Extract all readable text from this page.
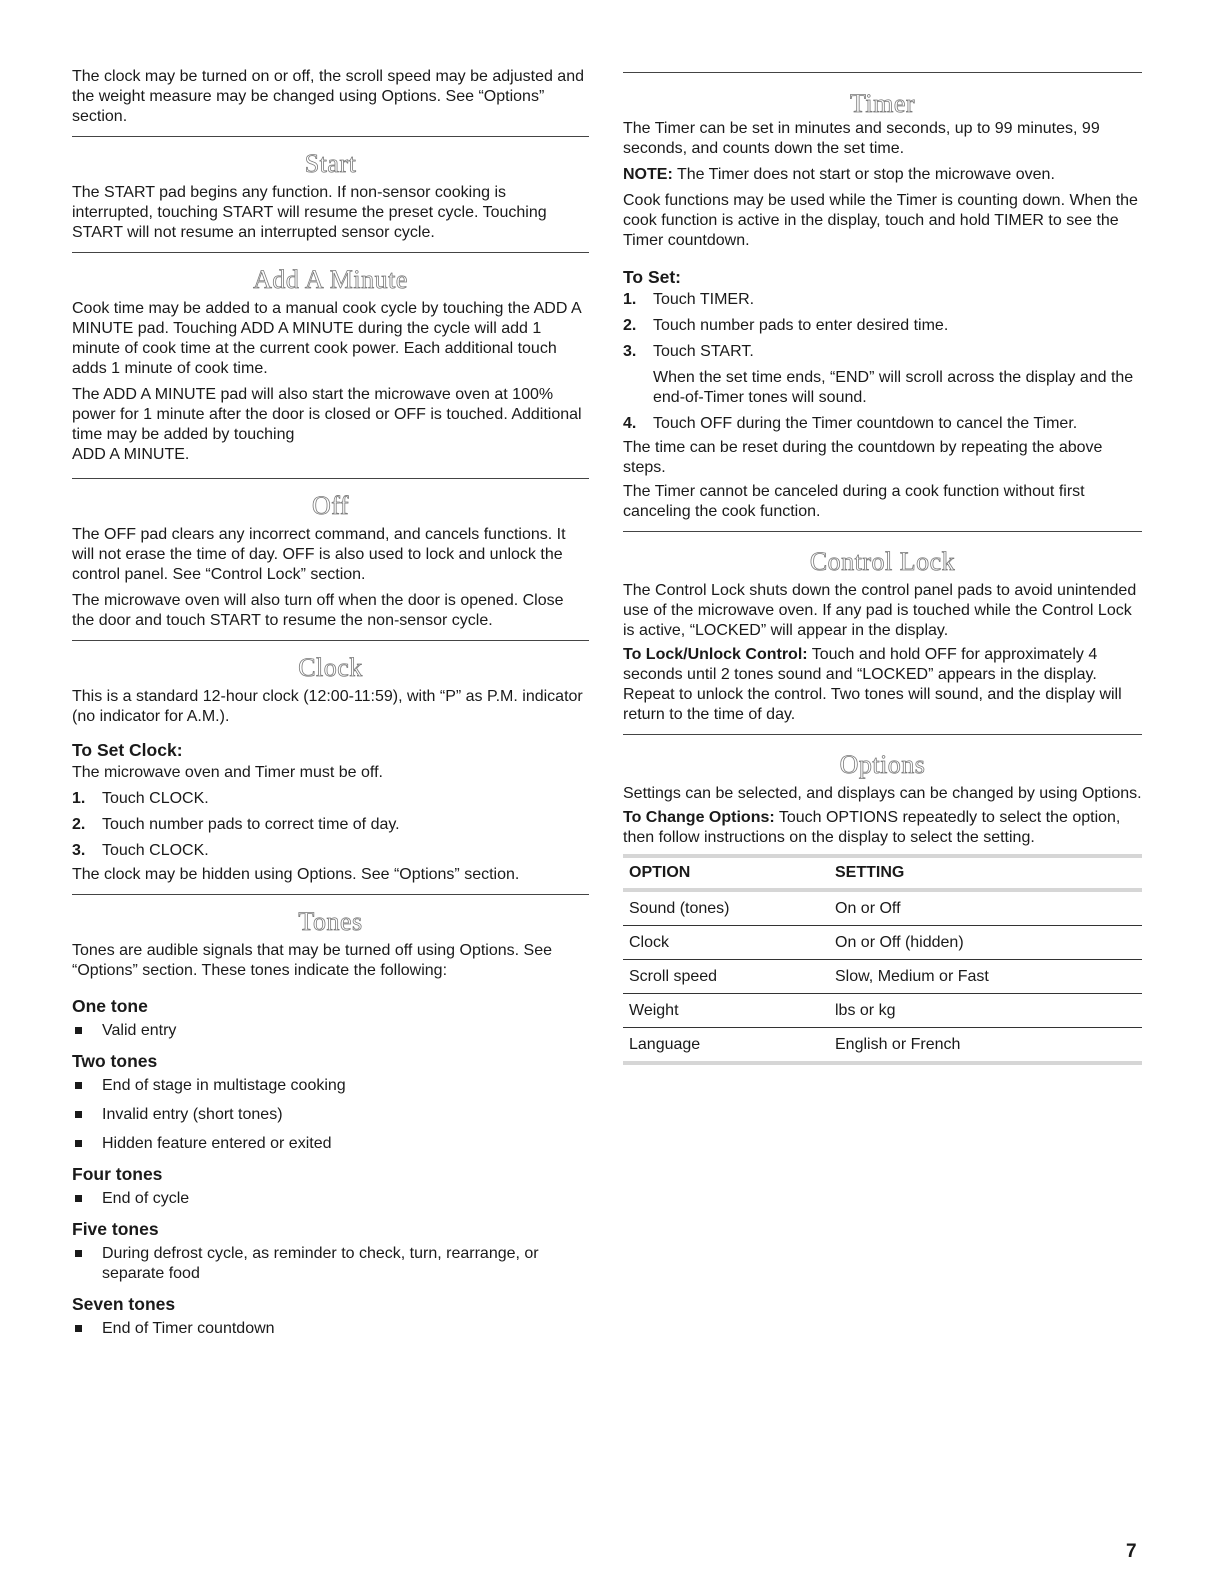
The clock may be turned on or off, the scroll speed may be adjusted and the weight measure may be changed using Options. See “Options” section.

Start

The START pad begins any function. If non-sensor cooking is interrupted, touching START will resume the preset cycle. Touching START will not resume an interrupted sensor cycle.

Add A Minute

Cook time may be added to a manual cook cycle by touching the ADD A MINUTE pad. Touching ADD A MINUTE during the cycle will add 1 minute of cook time at the current cook power. Each additional touch adds 1 minute of cook time.

The ADD A MINUTE pad will also start the microwave oven at 100% power for 1 minute after the door is closed or OFF is touched. Additional time may be added by touching
ADD A MINUTE.

Off

The OFF pad clears any incorrect command, and cancels functions. It will not erase the time of day. OFF is also used to lock and unlock the control panel. See “Control Lock” section.

The microwave oven will also turn off when the door is opened. Close the door and touch START to resume the non-sensor cycle.

Clock

This is a standard 12-hour clock (12:00-11:59), with “P” as P.M. indicator (no indicator for A.M.).

To Set Clock:

The microwave oven and Timer must be off.

1. Touch CLOCK.
2. Touch number pads to correct time of day.
3. Touch CLOCK.

The clock may be hidden using Options. See “Options” section.

Tones

Tones are audible signals that may be turned off using Options. See “Options” section. These tones indicate the following:

One tone
Valid entry
Two tones
End of stage in multistage cooking
Invalid entry (short tones)
Hidden feature entered or exited
Four tones
End of cycle
Five tones
During defrost cycle, as reminder to check, turn, rearrange, or separate food
Seven tones
End of Timer countdown
Timer

The Timer can be set in minutes and seconds, up to 99 minutes, 99 seconds, and counts down the set time.

NOTE: The Timer does not start or stop the microwave oven.

Cook functions may be used while the Timer is counting down. When the cook function is active in the display, touch and hold TIMER to see the Timer countdown.

To Set:
1. Touch TIMER.
2. Touch number pads to enter desired time.
3. Touch START.
When the set time ends, “END” will scroll across the display and the end-of-Timer tones will sound.
4. Touch OFF during the Timer countdown to cancel the Timer.

The time can be reset during the countdown by repeating the above steps.

The Timer cannot be canceled during a cook function without first canceling the cook function.

Control Lock

The Control Lock shuts down the control panel pads to avoid unintended use of the microwave oven. If any pad is touched while the Control Lock is active, “LOCKED” will appear in the display.

To Lock/Unlock Control: Touch and hold OFF for approximately 4 seconds until 2 tones sound and “LOCKED” appears in the display. Repeat to unlock the control. Two tones will sound, and the display will return to the time of day.

Options

Settings can be selected, and displays can be changed by using Options.

To Change Options: Touch OPTIONS repeatedly to select the option, then follow instructions on the display to select the setting.

OPTION	SETTING
Sound (tones)	On or Off
Clock	On or Off (hidden)
Scroll speed	Slow, Medium or Fast
Weight	lbs or kg
Language	English or French
7
